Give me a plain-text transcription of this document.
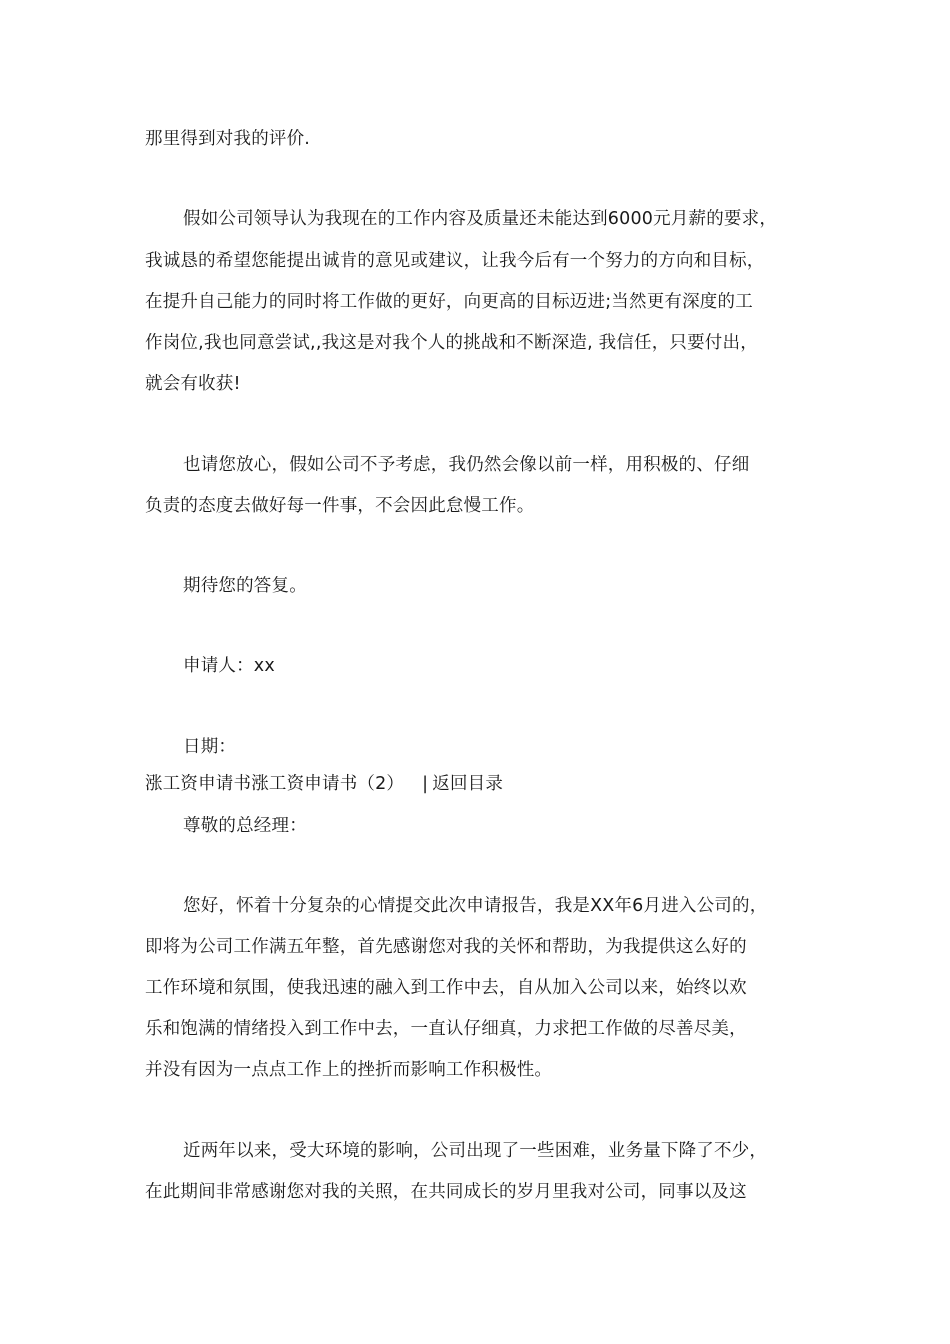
那里得到对我的评价.
假如公司领导认为我现在的工作内容及质量还未能达到6000元月薪的要求，
我诚恳的希望您能提出诚肯的意见或建议，让我今后有一个努力的方向和目标，
在提升自己能力的同时将工作做的更好，向更高的目标迈进;当然更有深度的工
作岗位,我也同意尝试,,我这是对我个人的挑战和不断深造, 我信任，只要付出，
就会有收获!
也请您放心，假如公司不予考虑，我仍然会像以前一样，用积极的、仔细
负责的态度去做好每一件事，不会因此怠慢工作。
期待您的答复。
申请人：xx
日期：
涨工资申请书涨工资申请书（2） | 返回目录
尊敬的总经理：
您好，怀着十分复杂的心情提交此次申请报告，我是XX年6月进入公司的，
即将为公司工作满五年整，首先感谢您对我的关怀和帮助，为我提供这么好的
工作环境和氛围，使我迅速的融入到工作中去，自从加入公司以来，始终以欢
乐和饱满的情绪投入到工作中去，一直认仔细真，力求把工作做的尽善尽美，
并没有因为一点点工作上的挫折而影响工作积极性。
近两年以来，受大环境的影响，公司出现了一些困难，业务量下降了不少，
在此期间非常感谢您对我的关照，在共同成长的岁月里我对公司，同事以及这
